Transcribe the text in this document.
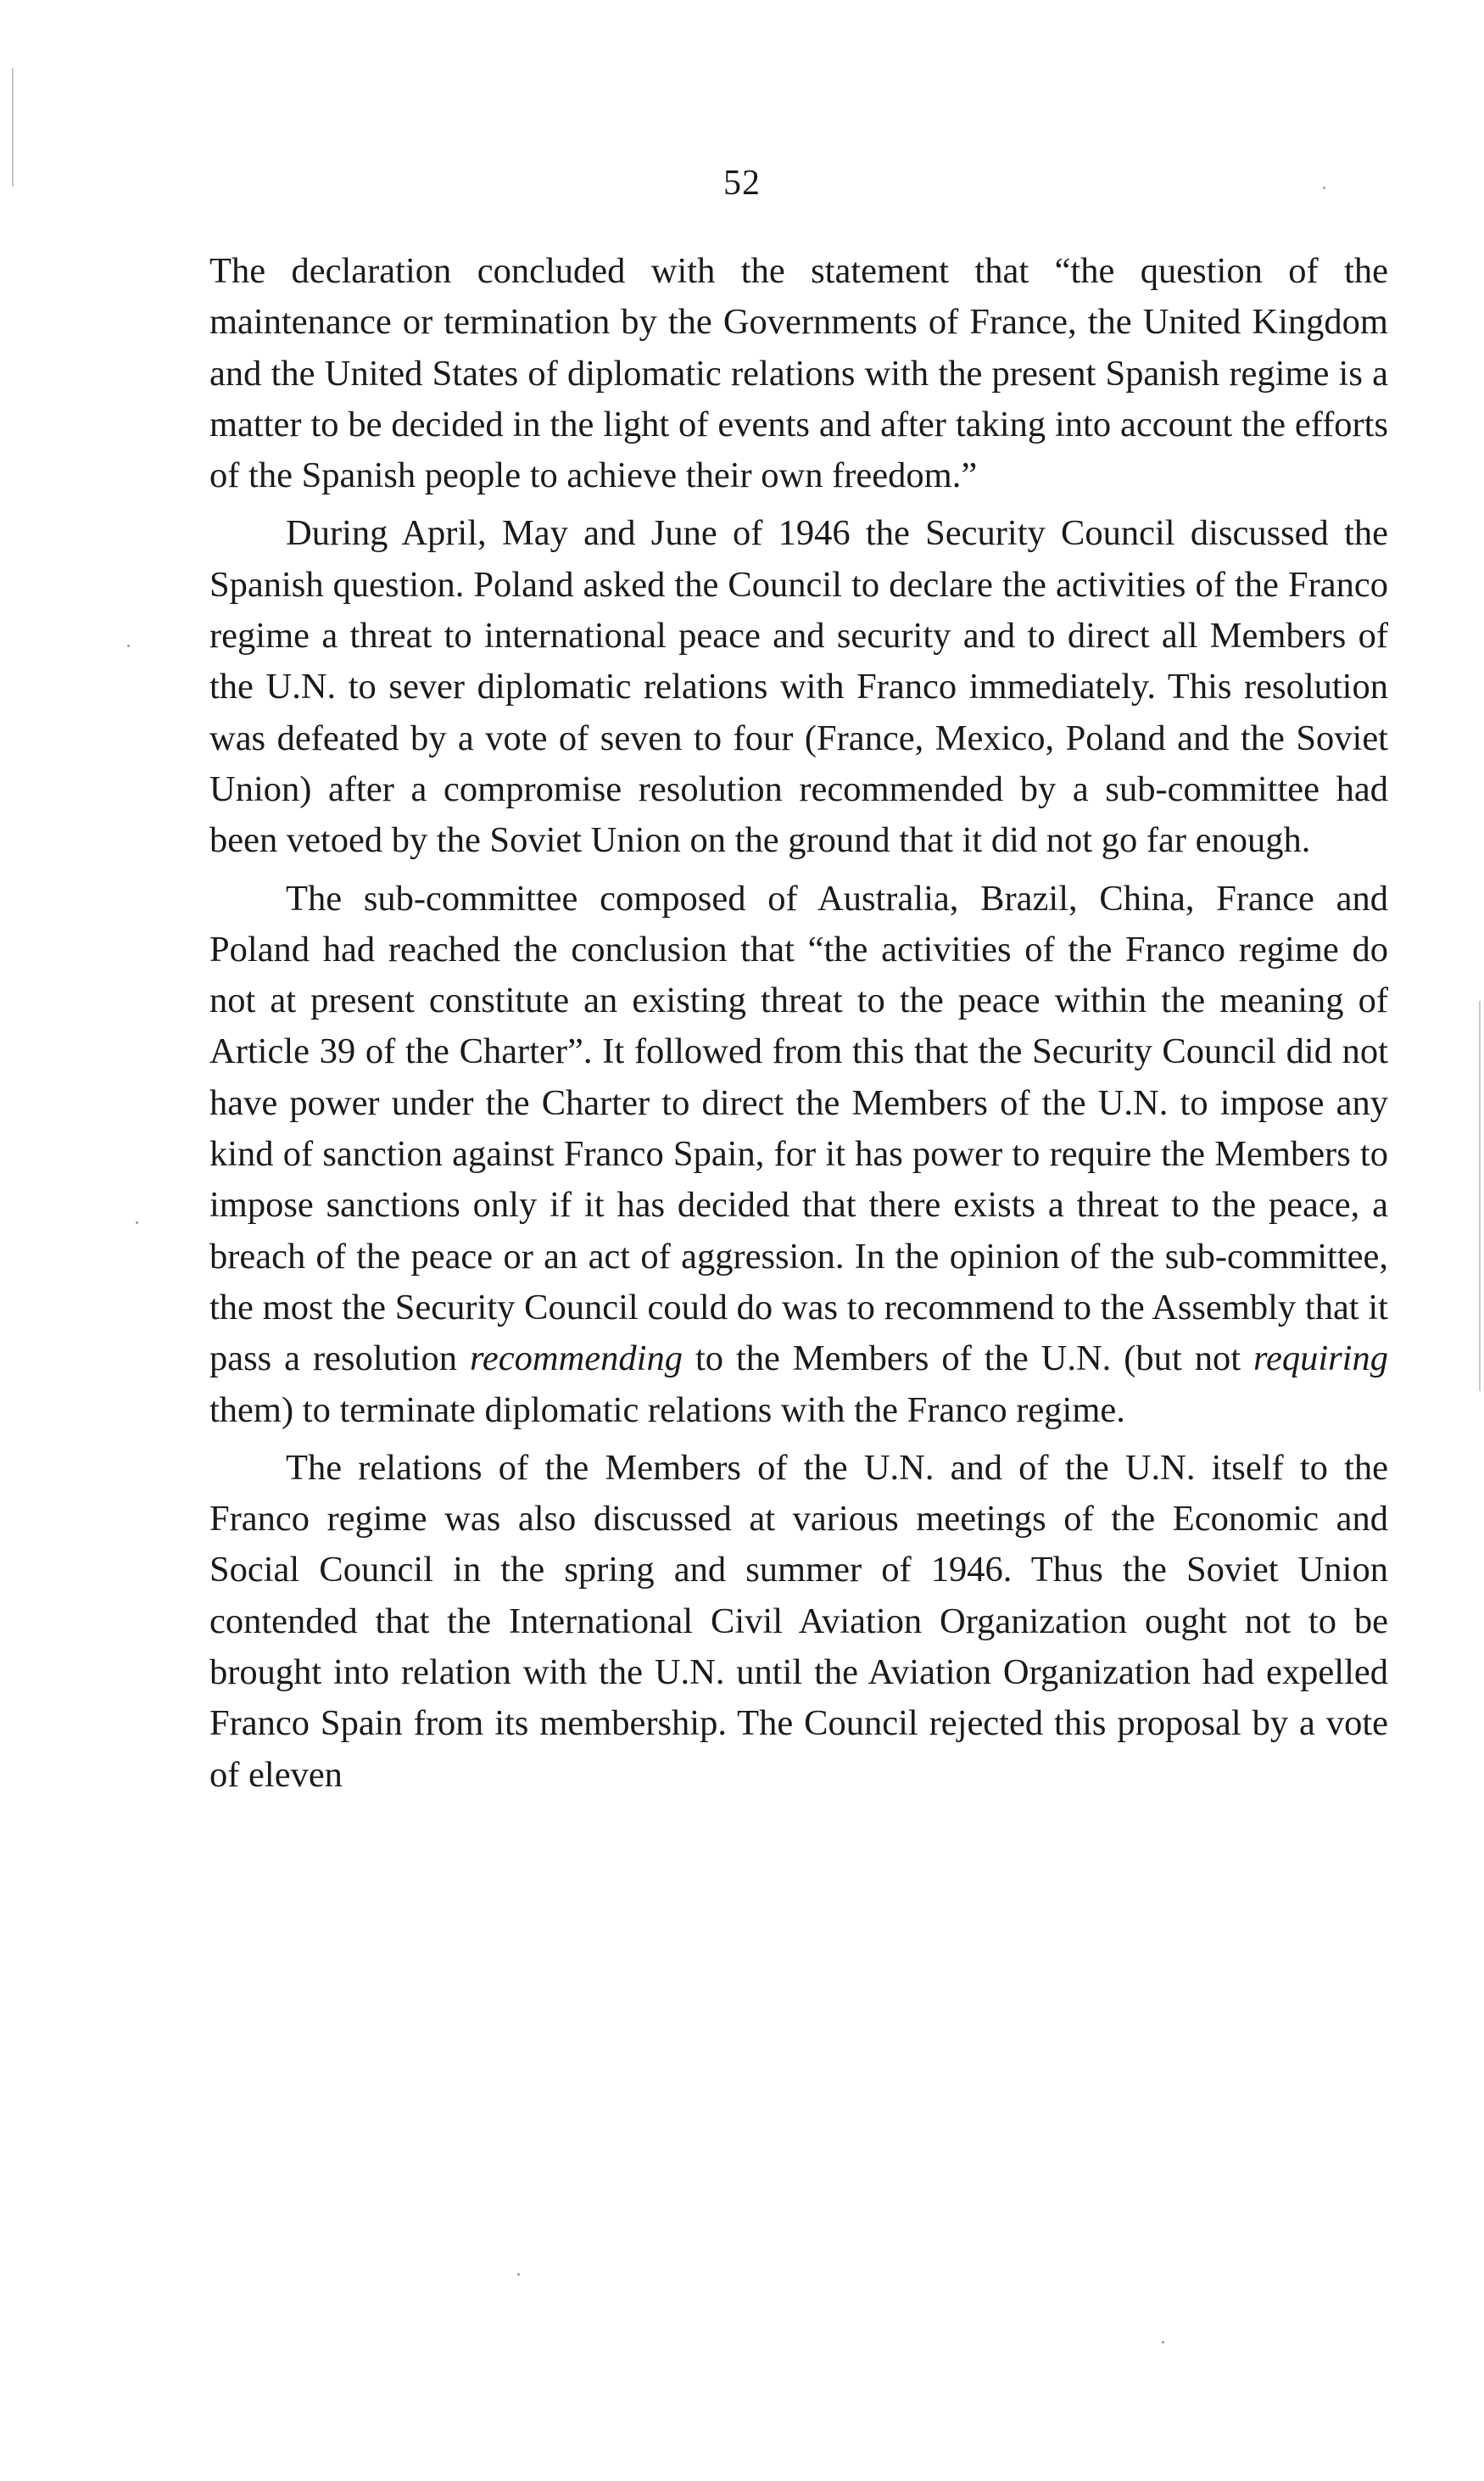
52

The declaration concluded with the statement that “the question of the maintenance or termination by the Governments of France, the United Kingdom and the United States of diplomatic relations with the present Spanish regime is a matter to be decided in the light of events and after taking into account the efforts of the Spanish people to achieve their own freedom.”

During April, May and June of 1946 the Security Council discussed the Spanish question. Poland asked the Council to declare the activities of the Franco regime a threat to international peace and security and to direct all Members of the U.N. to sever diplomatic relations with Franco immediately. This resolution was defeated by a vote of seven to four (France, Mexico, Poland and the Soviet Union) after a compromise resolution recommended by a sub-committee had been vetoed by the Soviet Union on the ground that it did not go far enough.

The sub-committee composed of Australia, Brazil, China, France and Poland had reached the conclusion that “the activities of the Franco regime do not at present constitute an existing threat to the peace within the meaning of Article 39 of the Charter”. It followed from this that the Security Council did not have power under the Charter to direct the Members of the U.N. to impose any kind of sanction against Franco Spain, for it has power to require the Members to impose sanctions only if it has decided that there exists a threat to the peace, a breach of the peace or an act of aggression. In the opinion of the sub-committee, the most the Security Council could do was to recommend to the Assembly that it pass a resolution recommending to the Members of the U.N. (but not requiring them) to terminate diplomatic relations with the Franco regime.

The relations of the Members of the U.N. and of the U.N. itself to the Franco regime was also discussed at various meetings of the Economic and Social Council in the spring and summer of 1946. Thus the Soviet Union contended that the International Civil Aviation Organization ought not to be brought into relation with the U.N. until the Aviation Organization had expelled Franco Spain from its membership. The Council rejected this proposal by a vote of eleven
